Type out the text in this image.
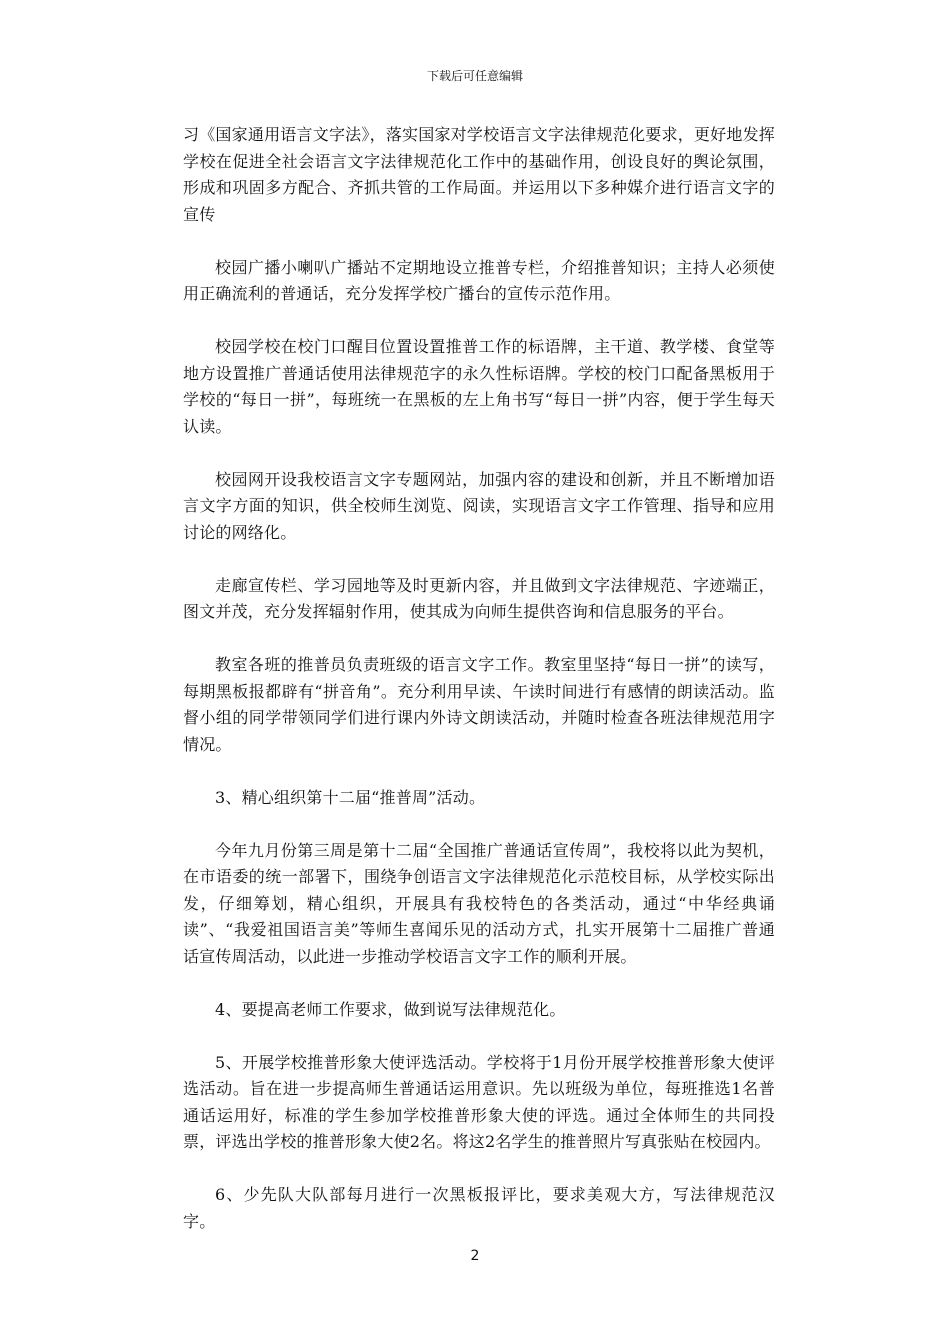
下载后可任意编辑

习《国家通用语言文字法》，落实国家对学校语言文字法律规范化要求，更好地发挥学校在促进全社会语言文字法律规范化工作中的基础作用，创设良好的舆论氛围，形成和巩固多方配合、齐抓共管的工作局面。并运用以下多种媒介进行语言文字的宣传

校园广播小喇叭广播站不定期地设立推普专栏，介绍推普知识；主持人必须使用正确流利的普通话，充分发挥学校广播台的宣传示范作用。

校园学校在校门口醒目位置设置推普工作的标语牌，主干道、教学楼、食堂等地方设置推广普通话使用法律规范字的永久性标语牌。学校的校门口配备黑板用于学校的“每日一拼”，每班统一在黑板的左上角书写“每日一拼”内容，便于学生每天认读。

校园网开设我校语言文字专题网站，加强内容的建设和创新，并且不断增加语言文字方面的知识，供全校师生浏览、阅读，实现语言文字工作管理、指导和应用讨论的网络化。

走廊宣传栏、学习园地等及时更新内容，并且做到文字法律规范、字迹端正，图文并茂，充分发挥辐射作用，使其成为向师生提供咨询和信息服务的平台。

教室各班的推普员负责班级的语言文字工作。教室里坚持“每日一拼”的读写，每期黑板报都辟有“拼音角”。充分利用早读、午读时间进行有感情的朗读活动。监督小组的同学带领同学们进行课内外诗文朗读活动，并随时检查各班法律规范用字情况。

3、精心组织第十二届“推普周”活动。

今年九月份第三周是第十二届“全国推广普通话宣传周”，我校将以此为契机，在市语委的统一部署下，围绕争创语言文字法律规范化示范校目标，从学校实际出发，仔细筹划，精心组织，开展具有我校特色的各类活动，通过“中华经典诵读”、“我爱祖国语言美”等师生喜闻乐见的活动方式，扎实开展第十二届推广普通话宣传周活动，以此进一步推动学校语言文字工作的顺利开展。

4、要提高老师工作要求，做到说写法律规范化。

5、开展学校推普形象大使评选活动。学校将于1月份开展学校推普形象大使评选活动。旨在进一步提高师生普通话运用意识。先以班级为单位，每班推选1名普通话运用好，标准的学生参加学校推普形象大使的评选。通过全体师生的共同投票，评选出学校的推普形象大使2名。将这2名学生的推普照片写真张贴在校园内。

6、少先队大队部每月进行一次黑板报评比，要求美观大方，写法律规范汉字。

2
